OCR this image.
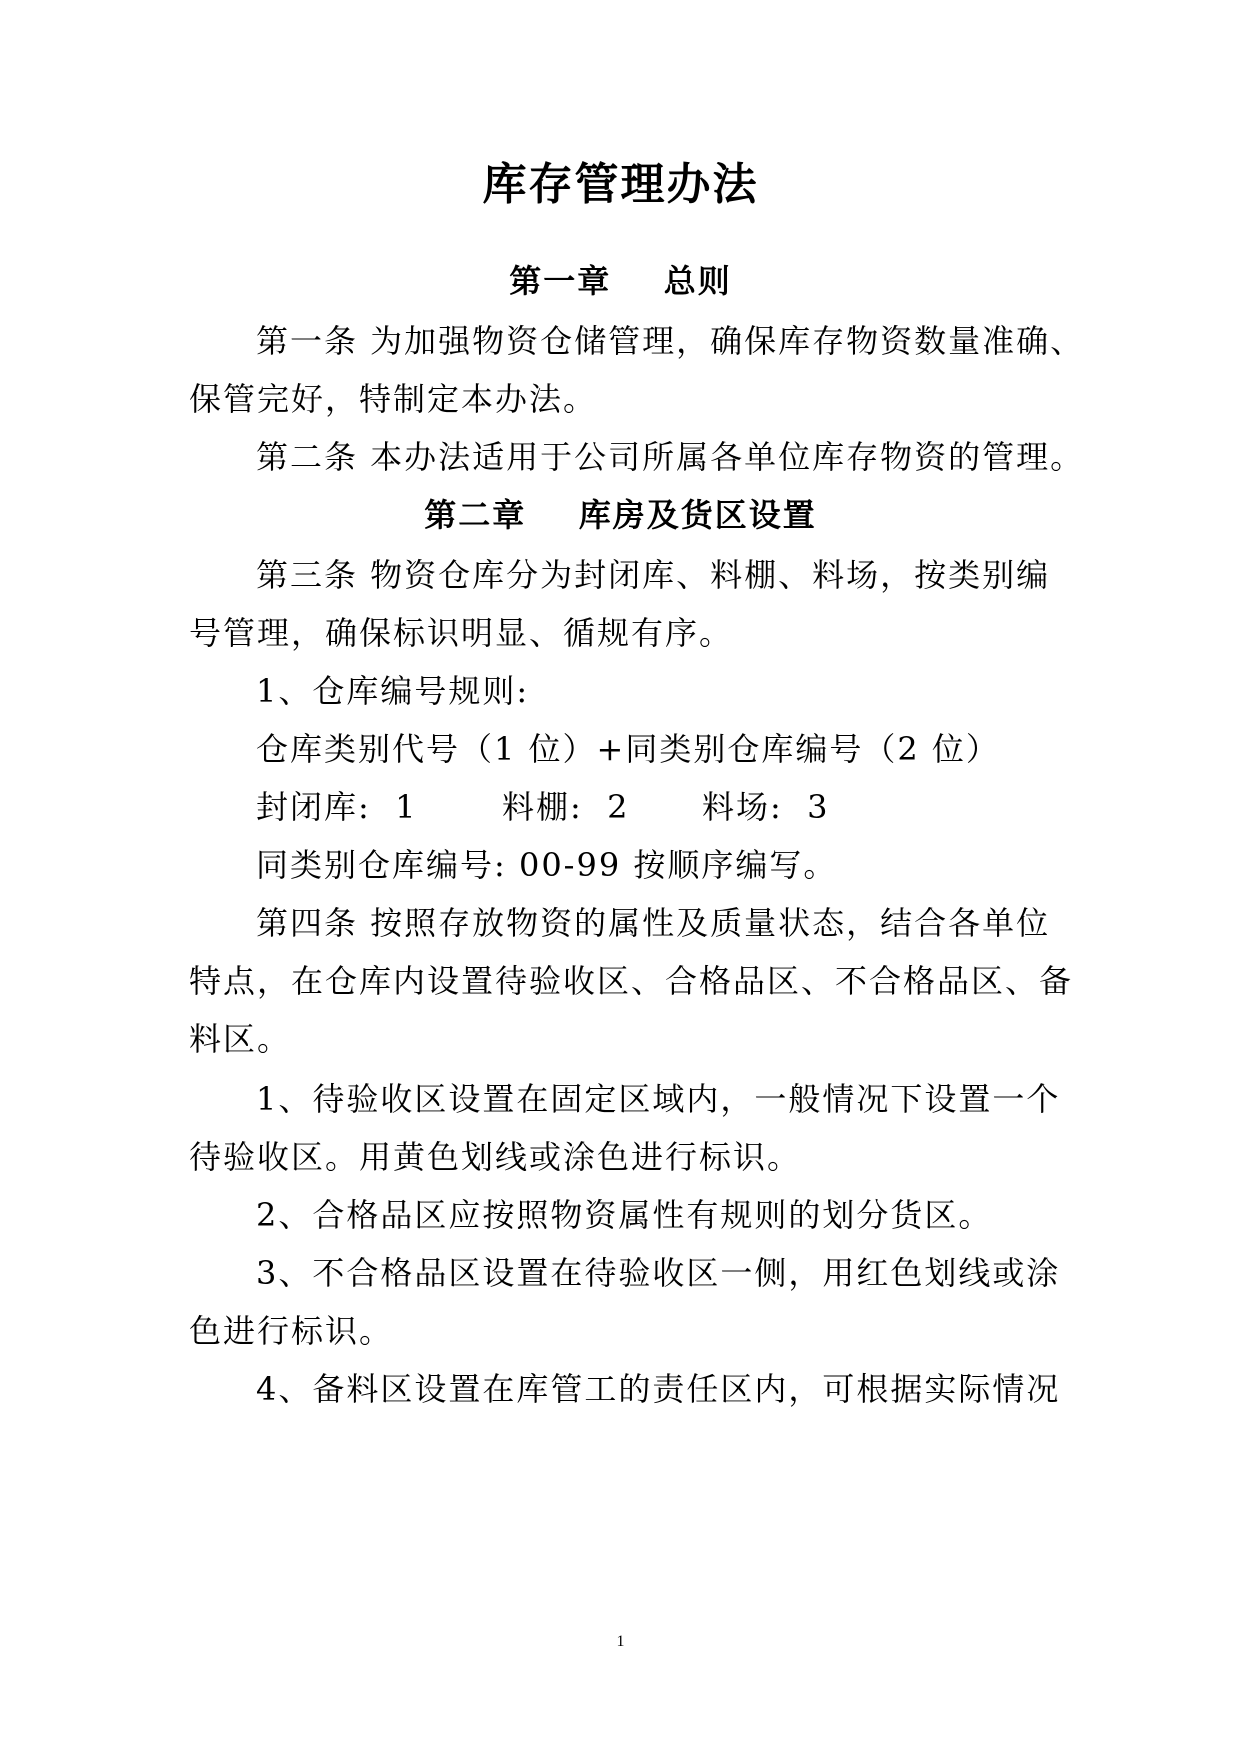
库存管理办法
第一章    总则
第一条 为加强物资仓储管理，确保库存物资数量准确、
保管完好，特制定本办法。
第二条 本办法适用于公司所属各单位库存物资的管理。
第二章    库房及货区设置
第三条 物资仓库分为封闭库、料棚、料场，按类别编
号管理，确保标识明显、循规有序。
1、仓库编号规则:
仓库类别代号（1 位）+同类别仓库编号（2 位）

封闭库:  1

	料棚:  2

料场:  3

同类别仓库编号: 00-99 按顺序编写。
第四条 按照存放物资的属性及质量状态，结合各单位
特点，在仓库内设置待验收区、合格品区、不合格品区、备
料区。
1、待验收区设置在固定区域内，一般情况下设置一个
待验收区。用黄色划线或涂色进行标识。
2、合格品区应按照物资属性有规则的划分货区。
3、不合格品区设置在待验收区一侧，用红色划线或涂
色进行标识。
4、备料区设置在库管工的责任区内，可根据实际情况
1
